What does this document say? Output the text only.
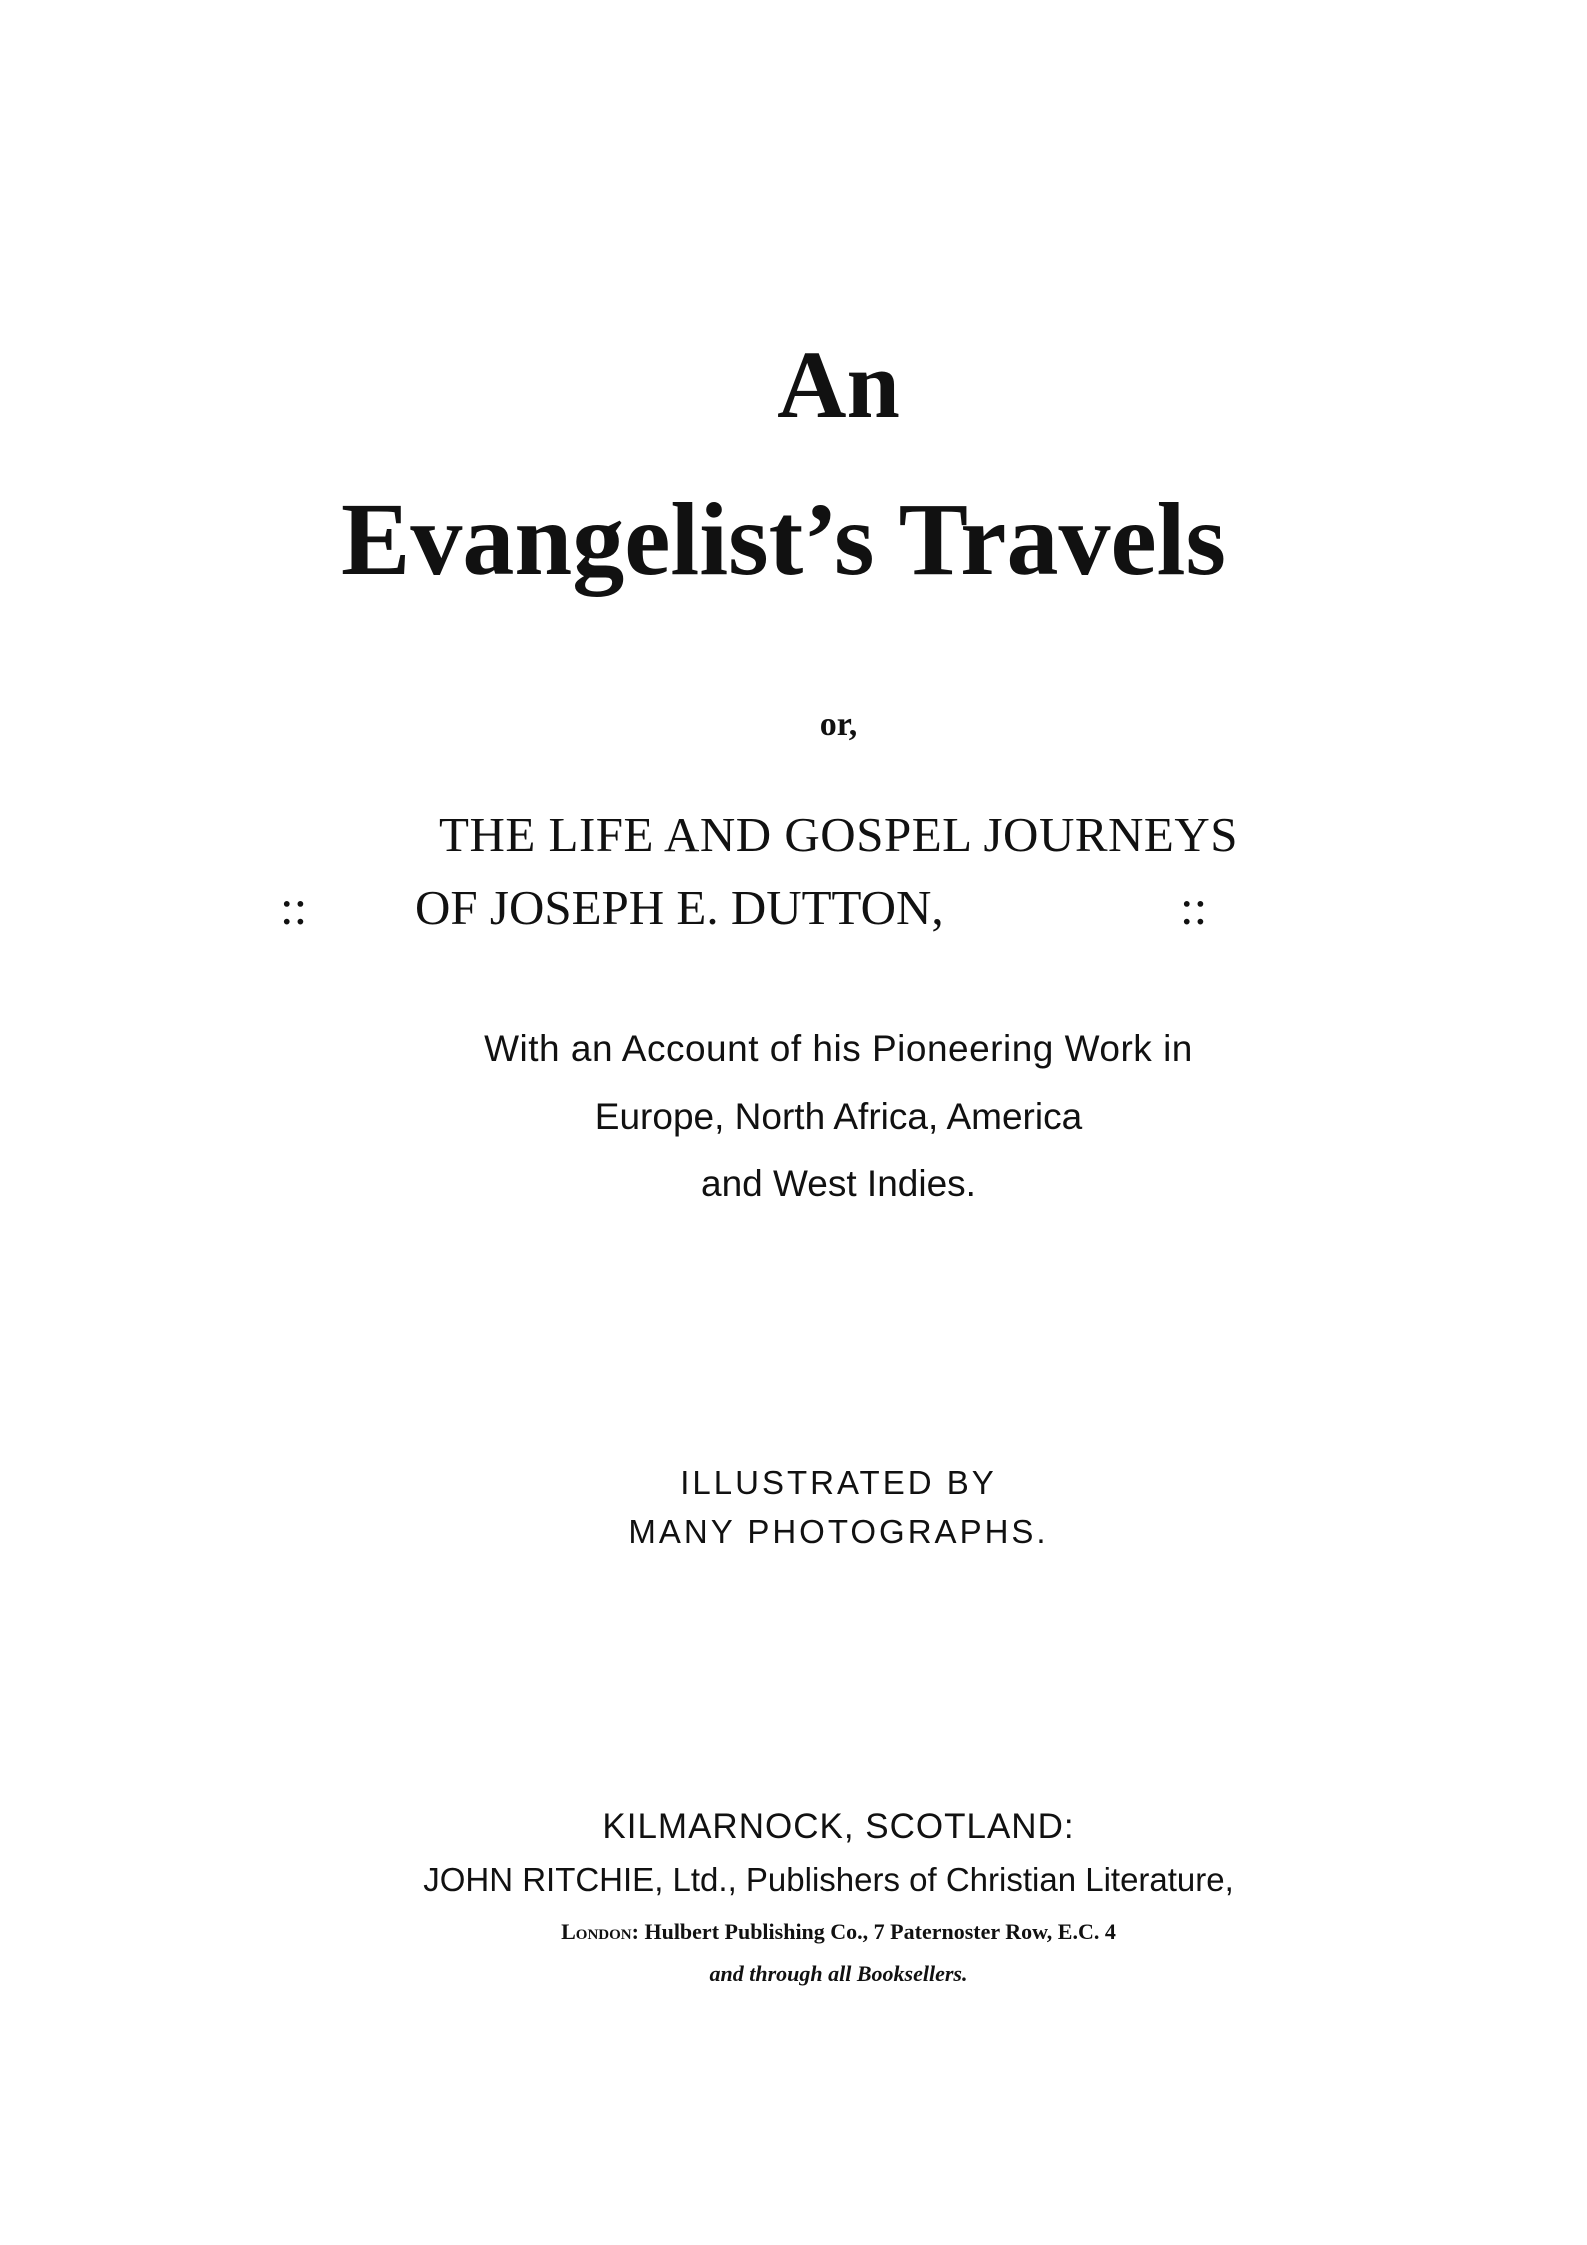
An
Evangelist’s Travels

or,

THE LIFE AND GOSPEL JOURNEYS

:: OF JOSEPH E. DUTTON,	::

With an Account of his Pioneering Work in

Europe, North Africa, America

and West Indies.

ILLUSTRATED BY

MANY PHOTOGRAPHS.

KILMARNOCK, SCOTLAND:

JOHN RITCHIE, Ltd., Publishers of Christian Literature,

London: Hulbert Publishing Co., 7 Paternoster Row, E.C. 4

and through all Booksellers.
